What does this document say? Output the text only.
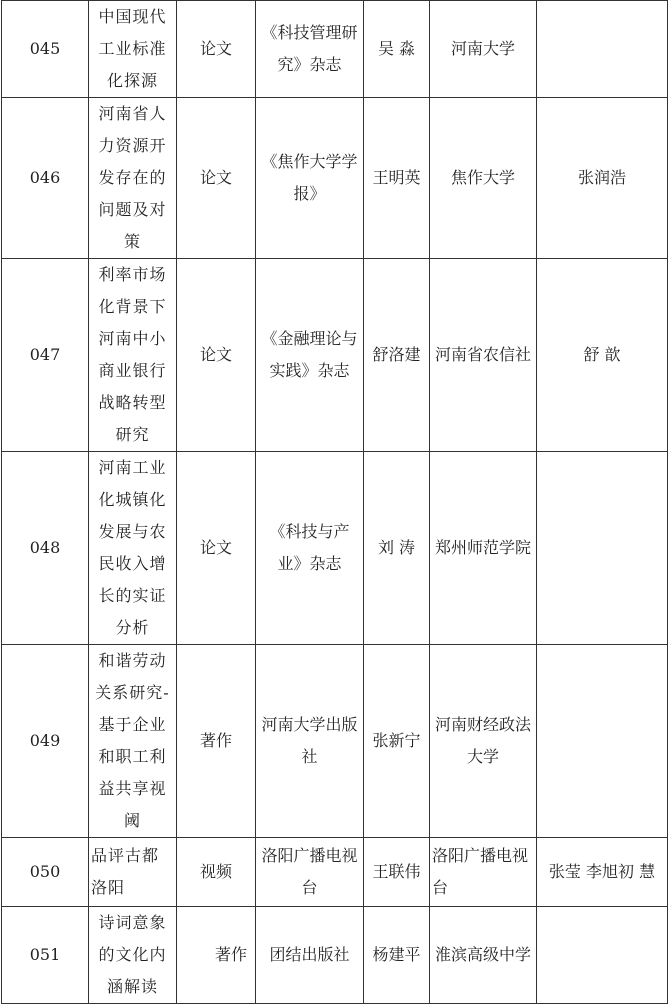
045	中国现代工业标准化探源	论文	《科技管理研究》杂志	吴 淼	河南大学	
046	河南省人力资源开发存在的问题及对策	论文	《焦作大学学报》	王明英	焦作大学	张润浩
047	利率市场化背景下河南中小商业银行战略转型研究	论文	《金融理论与实践》杂志	舒洛建	河南省农信社	舒 歆
048	河南工业化城镇化发展与农民收入增长的实证分析	论文	《科技与产业》杂志	刘 涛	郑州师范学院	
049	和谐劳动关系研究-基于企业和职工利益共享视阈	著作	河南大学出版社	张新宁	河南财经政法大学	
050	品评古都洛阳	视频	洛阳广播电视台	王联伟	洛阳广播电视台	张莹 李旭初 慧
051	诗词意象的文化内涵解读	著作	团结出版社	杨建平	淮滨高级中学	
